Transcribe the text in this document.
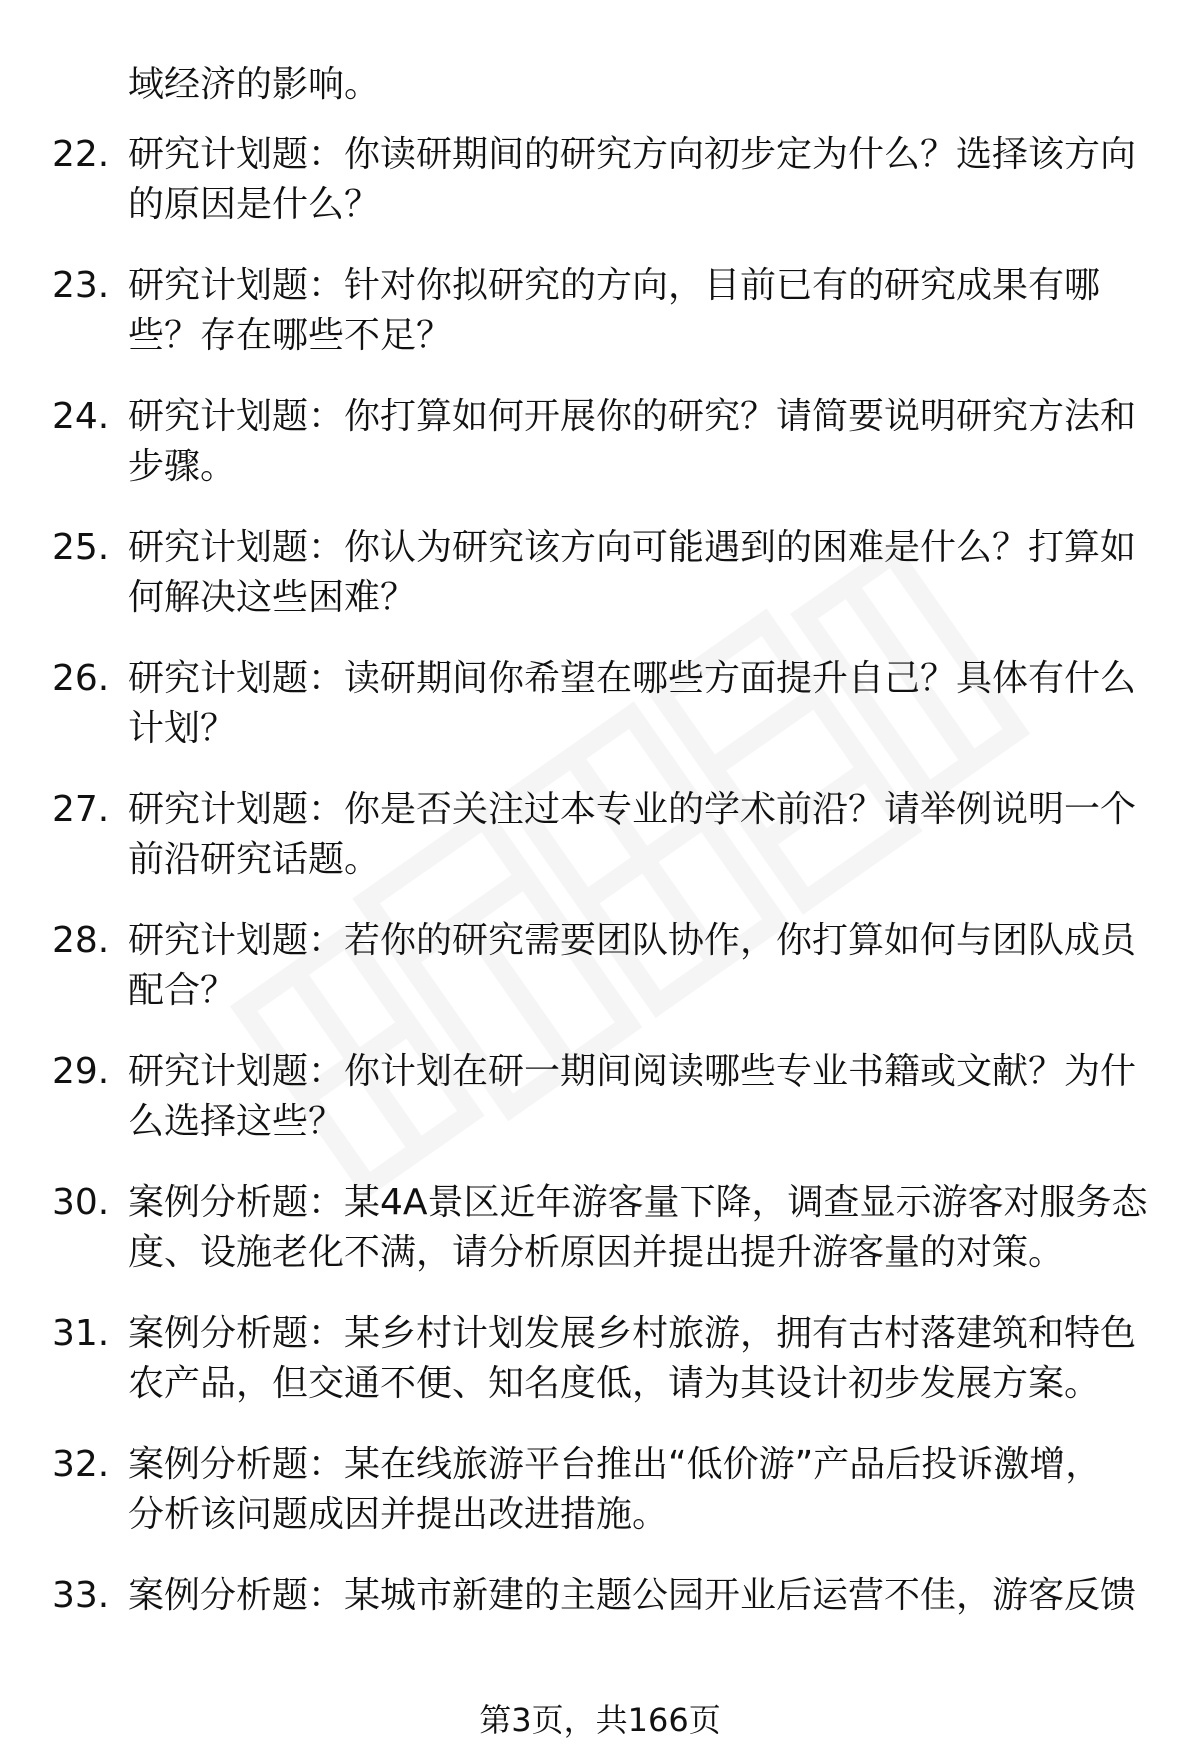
域经济的影响。
22. 研究计划题：你读研期间的研究方向初步定为什么？选择该方向
的原因是什么？
23. 研究计划题：针对你拟研究的方向，目前已有的研究成果有哪
些？存在哪些不足？
24. 研究计划题：你打算如何开展你的研究？请简要说明研究方法和
步骤。
25. 研究计划题：你认为研究该方向可能遇到的困难是什么？打算如
何解决这些困难？
26. 研究计划题：读研期间你希望在哪些方面提升自己？具体有什么
计划？
27. 研究计划题：你是否关注过本专业的学术前沿？请举例说明一个
前沿研究话题。
28. 研究计划题：若你的研究需要团队协作，你打算如何与团队成员
配合？
29. 研究计划题：你计划在研一期间阅读哪些专业书籍或文献？为什
么选择这些？
30. 案例分析题：某4A景区近年游客量下降，调查显示游客对服务态
度、设施老化不满，请分析原因并提出提升游客量的对策。
31. 案例分析题：某乡村计划发展乡村旅游，拥有古村落建筑和特色
农产品，但交通不便、知名度低，请为其设计初步发展方案。
32. 案例分析题：某在线旅游平台推出“低价游”产品后投诉激增，
分析该问题成因并提出改进措施。
33. 案例分析题：某城市新建的主题公园开业后运营不佳，游客反馈
第3页，共166页
